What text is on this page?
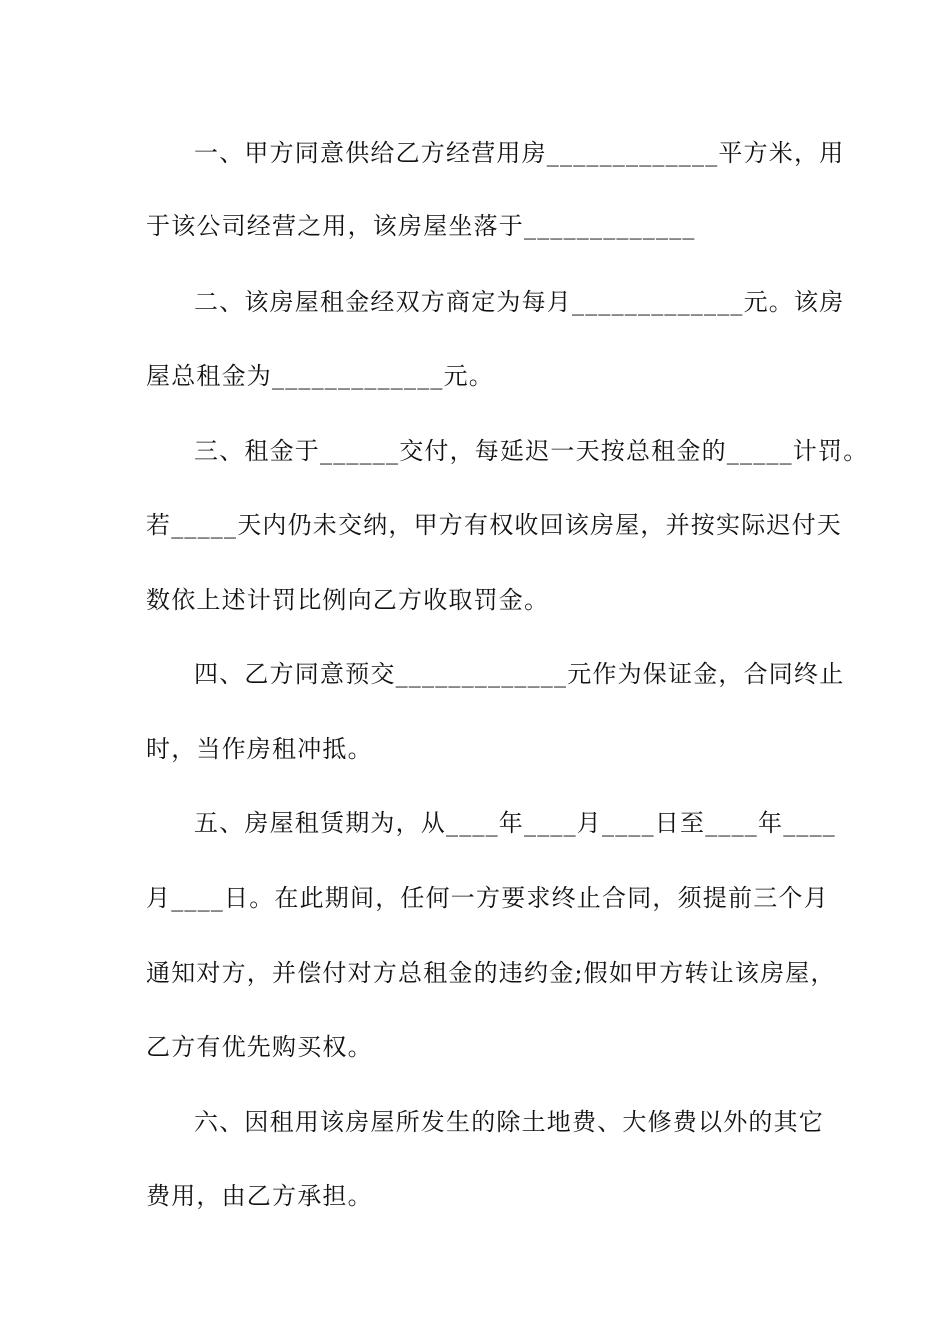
一、甲方同意供给乙方经营用房_____________平方米，用
于该公司经营之用，该房屋坐落于_____________
二、该房屋租金经双方商定为每月_____________元。该房
屋总租金为_____________元。
三、租金于______交付，每延迟一天按总租金的_____计罚。
若_____天内仍未交纳，甲方有权收回该房屋，并按实际迟付天
数依上述计罚比例向乙方收取罚金。
四、乙方同意预交_____________元作为保证金，合同终止
时，当作房租冲抵。
五、房屋租赁期为，从____年____月____日至____年____
月____日。在此期间，任何一方要求终止合同，须提前三个月
通知对方，并偿付对方总租金的违约金;假如甲方转让该房屋，
乙方有优先购买权。
六、因租用该房屋所发生的除土地费、大修费以外的其它
费用，由乙方承担。
